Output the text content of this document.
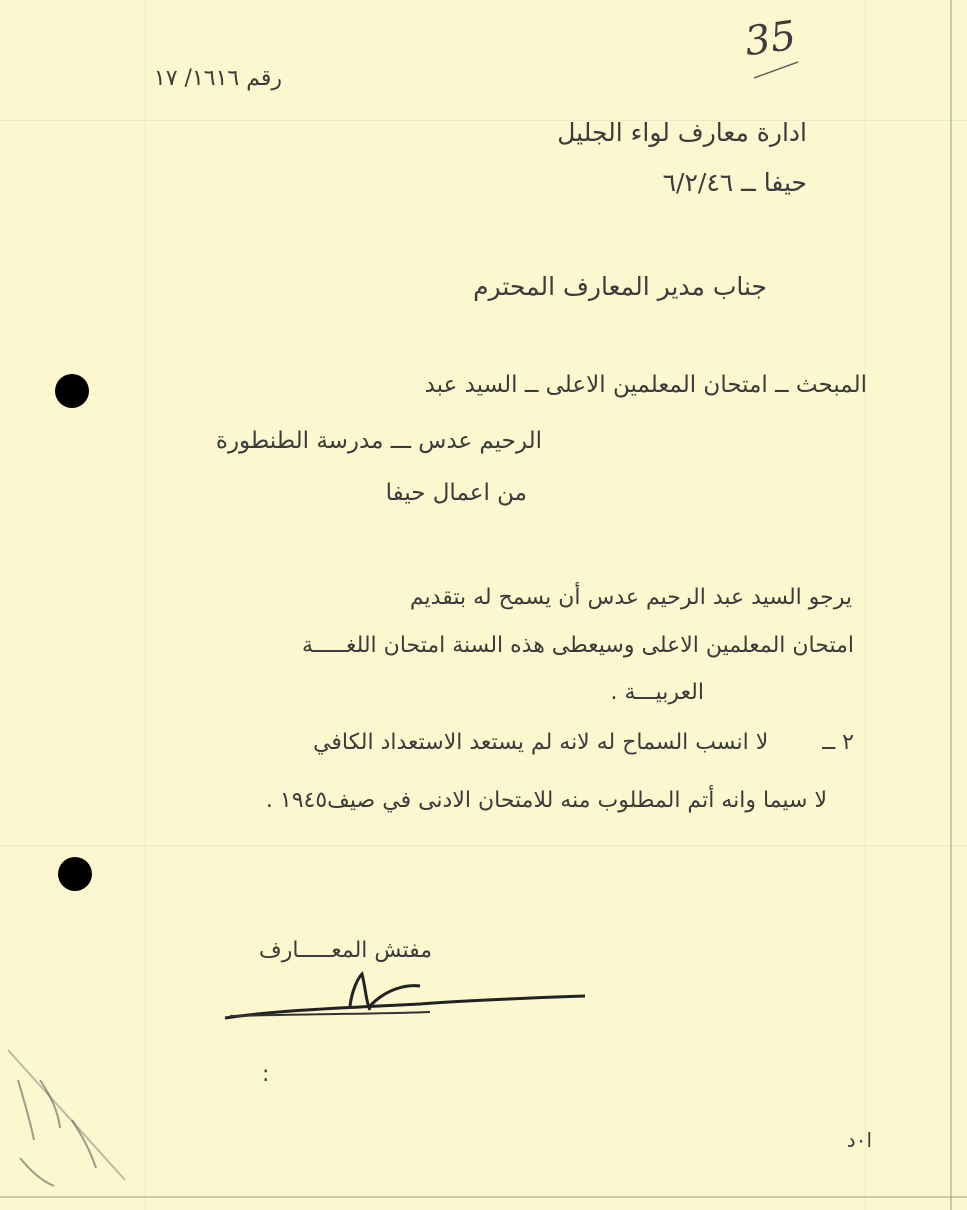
35
رقم ١٦١٦/ ١٧
ادارة معارف لواء الجليل
حيفا ــ ٦/٢/٤٦
جناب مدير المعارف المحترم
المبحث ــ امتحان المعلمين الاعلى ــ السيد عبد
الرحيم عدس ـــ مدرسة الطنطورة
من اعمال حيفا
يرجو السيد عبد الرحيم عدس أن يسمح له بتقديم
امتحان المعلمين الاعلى وسيعطى هذه السنة امتحان اللغـــــة
العربيـــة .
٢ ــ  لا انسب السماح له لانه لم يستعد الاستعداد الكافي
لا سيما وانه أتم المطلوب منه للامتحان الادنى في صيف١٩٤٥ .
مفتش المعـــــارف
:
ا٠د
